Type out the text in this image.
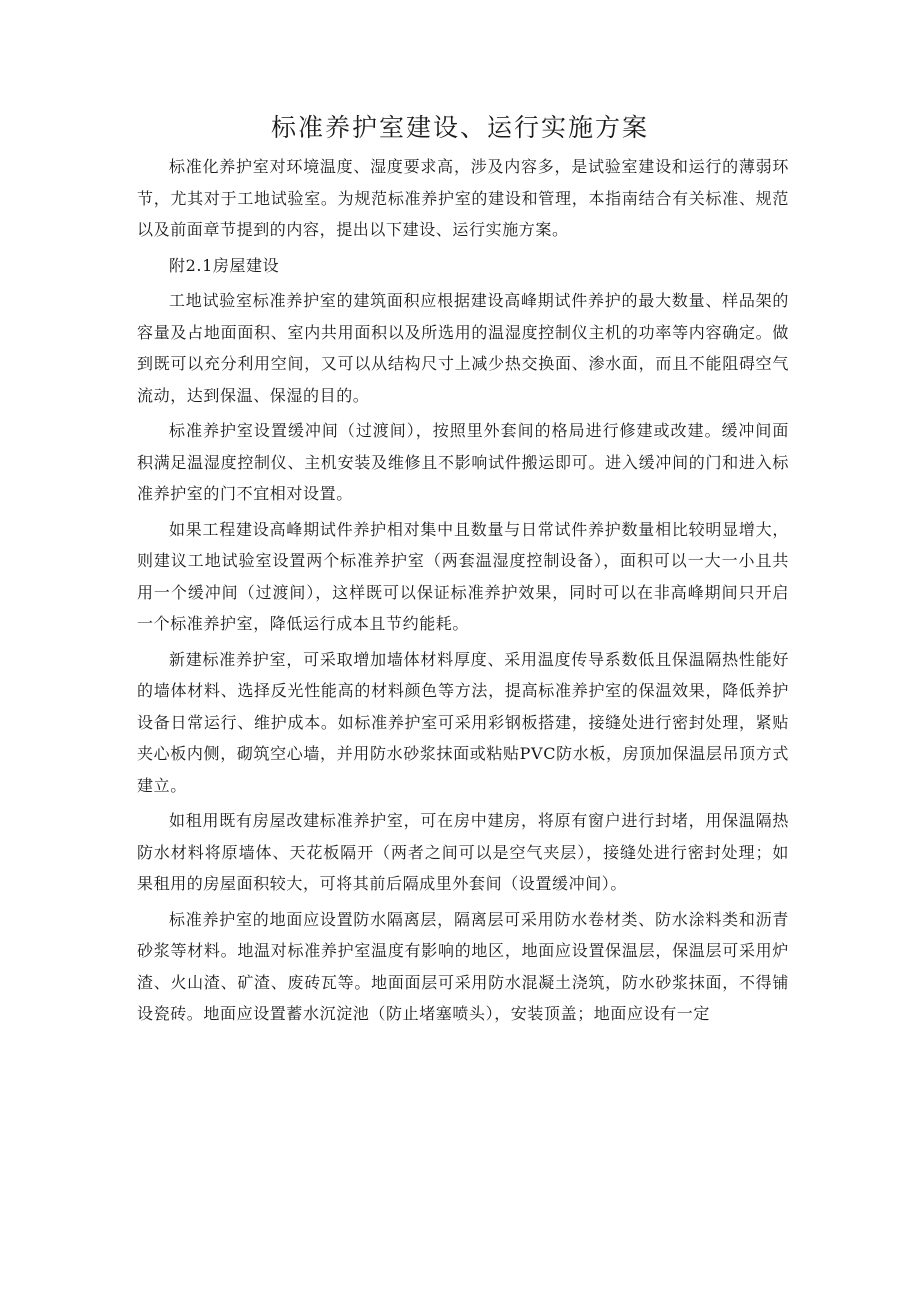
标准养护室建设、运行实施方案

标准化养护室对环境温度、湿度要求高，涉及内容多，是试验室建设和运行的薄弱环节，尤其对于工地试验室。为规范标准养护室的建设和管理，本指南结合有关标准、规范以及前面章节提到的内容，提出以下建设、运行实施方案。

附2.1房屋建设

工地试验室标准养护室的建筑面积应根据建设高峰期试件养护的最大数量、样品架的容量及占地面面积、室内共用面积以及所选用的温湿度控制仪主机的功率等内容确定。做到既可以充分利用空间，又可以从结构尺寸上减少热交换面、渗水面，而且不能阻碍空气流动，达到保温、保湿的目的。

标准养护室设置缓冲间（过渡间），按照里外套间的格局进行修建或改建。缓冲间面积满足温湿度控制仪、主机安装及维修且不影响试件搬运即可。进入缓冲间的门和进入标准养护室的门不宜相对设置。

如果工程建设高峰期试件养护相对集中且数量与日常试件养护数量相比较明显增大，则建议工地试验室设置两个标准养护室（两套温湿度控制设备），面积可以一大一小且共用一个缓冲间（过渡间），这样既可以保证标准养护效果，同时可以在非高峰期间只开启一个标准养护室，降低运行成本且节约能耗。

新建标准养护室，可采取增加墙体材料厚度、采用温度传导系数低且保温隔热性能好的墙体材料、选择反光性能高的材料颜色等方法，提高标准养护室的保温效果，降低养护设备日常运行、维护成本。如标准养护室可采用彩钢板搭建，接缝处进行密封处理，紧贴夹心板内侧，砌筑空心墙，并用防水砂浆抹面或粘贴PVC防水板，房顶加保温层吊顶方式建立。

如租用既有房屋改建标准养护室，可在房中建房，将原有窗户进行封堵，用保温隔热防水材料将原墙体、天花板隔开（两者之间可以是空气夹层），接缝处进行密封处理；如果租用的房屋面积较大，可将其前后隔成里外套间（设置缓冲间）。

标准养护室的地面应设置防水隔离层，隔离层可采用防水卷材类、防水涂料类和沥青砂浆等材料。地温对标准养护室温度有影响的地区，地面应设置保温层，保温层可采用炉渣、火山渣、矿渣、废砖瓦等。地面面层可采用防水混凝土浇筑，防水砂浆抹面，不得铺设瓷砖。地面应设置蓄水沉淀池（防止堵塞喷头），安装顶盖；地面应设有一定
